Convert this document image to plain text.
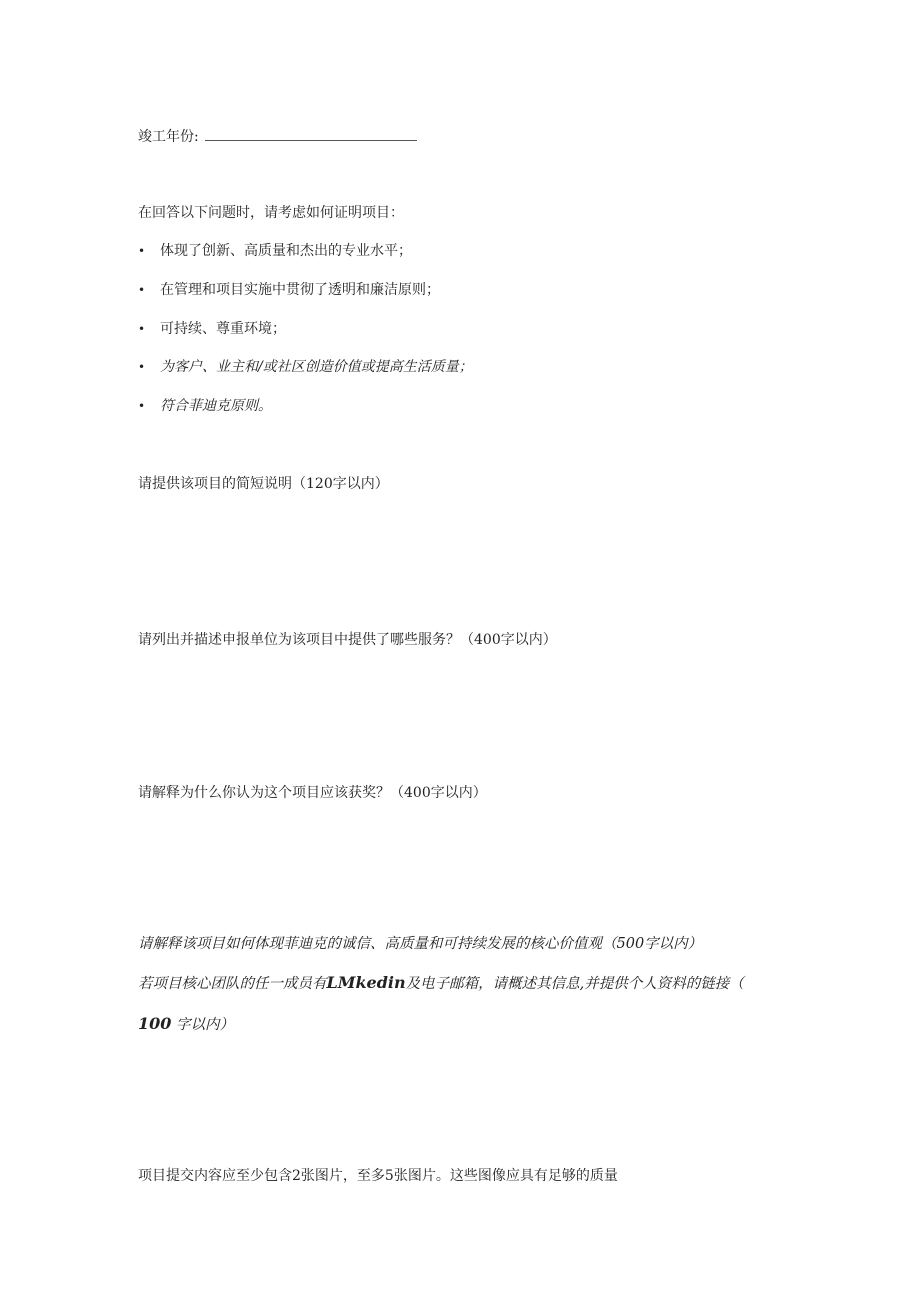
竣工年份:
在回答以下问题时，请考虑如何证明项目：
• 体现了创新、高质量和杰出的专业水平；
• 在管理和项目实施中贯彻了透明和廉洁原则；
• 可持续、尊重环境；
• 为客户、业主和/或社区创造价值或提高生活质量；
• 符合菲迪克原则。
请提供该项目的简短说明（120字以内）
请列出并描述申报单位为该项目中提供了哪些服务？（400字以内）
请解释为什么你认为这个项目应该获奖？（400字以内）
请解释该项目如何体现菲迪克的诚信、高质量和可持续发展的核心价值观（500字以内）
若项目核心团队的任一成员有LMkedin及电子邮箱，请概述其信息,并提供个人资料的链接（
100 字以内）
项目提交内容应至少包含2张图片，至多5张图片。这些图像应具有足够的质量
